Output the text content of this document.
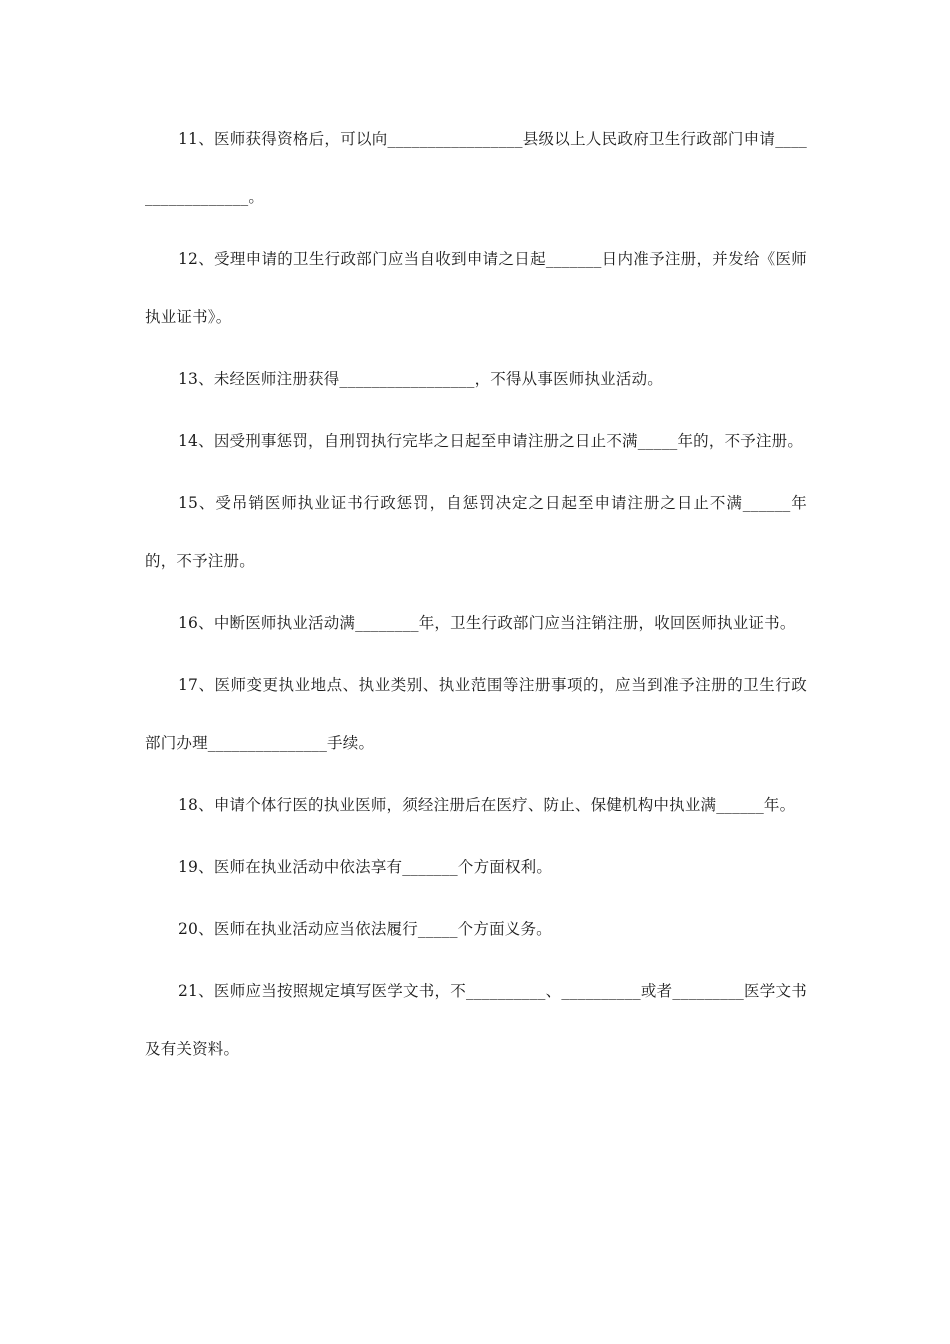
11、医师获得资格后，可以向_________________县级以上人民政府卫生行政部门申请_________________。

12、受理申请的卫生行政部门应当自收到申请之日起_______日内准予注册，并发给《医师执业证书》。

13、未经医师注册获得_________________，不得从事医师执业活动。

14、因受刑事惩罚，自刑罚执行完毕之日起至申请注册之日止不满_____年的，不予注册。

15、受吊销医师执业证书行政惩罚，自惩罚决定之日起至申请注册之日止不满______年的，不予注册。

16、中断医师执业活动满________年，卫生行政部门应当注销注册，收回医师执业证书。

17、医师变更执业地点、执业类别、执业范围等注册事项的，应当到准予注册的卫生行政部门办理_______________手续。

18、申请个体行医的执业医师，须经注册后在医疗、防止、保健机构中执业满______年。

19、医师在执业活动中依法享有_______个方面权利。

20、医师在执业活动应当依法履行_____个方面义务。

21、医师应当按照规定填写医学文书，不__________、__________或者_________医学文书及有关资料。
